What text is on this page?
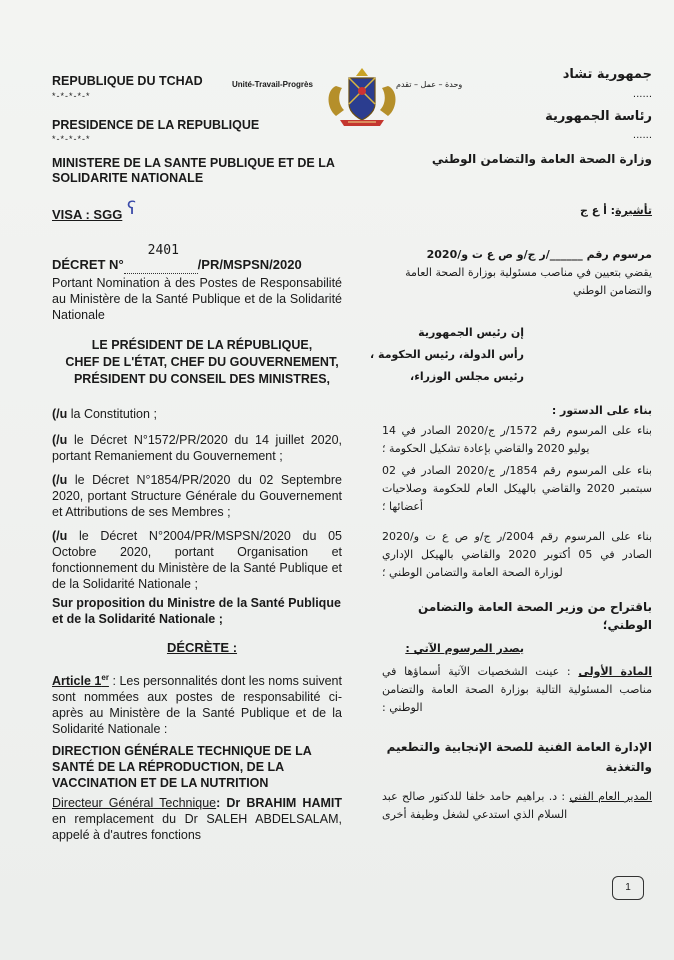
REPUBLIQUE DU TCHAD
*-*-*-*-*
PRESIDENCE DE LA REPUBLIQUE
*-*-*-*-*
MINISTERE DE LA SANTE PUBLIQUE ET DE LA
SOLIDARITE NATIONALE
Unité-Travail-Progrès	وحدة – عمل – تقدم
جمهورية تشاد
......
رئاسة الجمهورية
......
وزارة الصحة العامة والتضامن الوطني
VISA : SGG ʕ	تأشيرة: أ ع ج
DÉCRET N°
2401
/PR/MSPSN/2020
Portant Nomination à des Postes de Responsabilité au Ministère de la Santé Publique et de la Solidarité Nationale
مرسوم رقم ______/ر ج/و ص ع ت و/2020
يقضي بتعيين في مناصب مسئولية بوزارة الصحة العامة والتضامن الوطني
LE PRÉSIDENT DE LA RÉPUBLIQUE,
CHEF DE L'ÉTAT, CHEF DU GOUVERNEMENT,
PRÉSIDENT DU CONSEIL DES MINISTRES,
إن رئيس الجمهورية
رأس الدولة، رئيس الحكومة ،
رئيس مجلس الوزراء،
(/u la Constitution ;
(/u le Décret N°1572/PR/2020 du 14 juillet 2020, portant Remaniement du Gouvernement ;
(/u le Décret N°1854/PR/2020 du 02 Septembre 2020, portant Structure Générale du Gouvernement et Attributions de ses Membres ;
(/u le Décret N°2004/PR/MSPSN/2020 du 05 Octobre 2020, portant Organisation et fonctionnement du Ministère de la Santé Publique et de la Solidarité Nationale ;
بناء على الدستور :
بناء على المرسوم رقم 1572/ر ج/2020 الصادر في 14 يوليو 2020 والقاضي بإعادة تشكيل الحكومة ؛
بناء على المرسوم رقم 1854/ر ج/2020 الصادر في 02 سبتمبر 2020 والقاضي بالهيكل العام للحكومة وصلاحيات أعضائها ؛
بناء على المرسوم رقم 2004/ر ج/و ص ع ت و/2020 الصادر في 05 أكتوبر 2020 والقاضي بالهيكل الإداري لوزارة الصحة العامة والتضامن الوطني ؛
Sur proposition du Ministre de la Santé Publique et de la Solidarité Nationale ;
باقتراح من وزير الصحة العامة والتضامن الوطني؛
DÉCRÈTE :	يصدر المرسوم الآتي :
Article 1er : Les personnalités dont les noms suivent sont nommées aux postes de responsabilité ci-après au Ministère de la Santé Publique et de la Solidarité Nationale :
المادة الأولى : عينت الشخصيات الآتية أسماؤها في مناصب المسئولية التالية بوزارة الصحة العامة والتضامن الوطني :
DIRECTION GÉNÉRALE TECHNIQUE DE LA SANTÉ DE LA RÉPRODUCTION, DE LA VACCINATION ET DE LA NUTRITION
الإدارة العامة الفنية للصحة الإنجابية والتطعيم والتغذية
Directeur Général Technique: Dr BRAHIM HAMIT en remplacement du Dr SALEH ABDELSALAM, appelé à d'autres fonctions
المدير العام الفني : د. براهيم حامد خلفا للدكتور صالح عبد السلام الذي استدعي لشغل وظيفة أخرى
1
